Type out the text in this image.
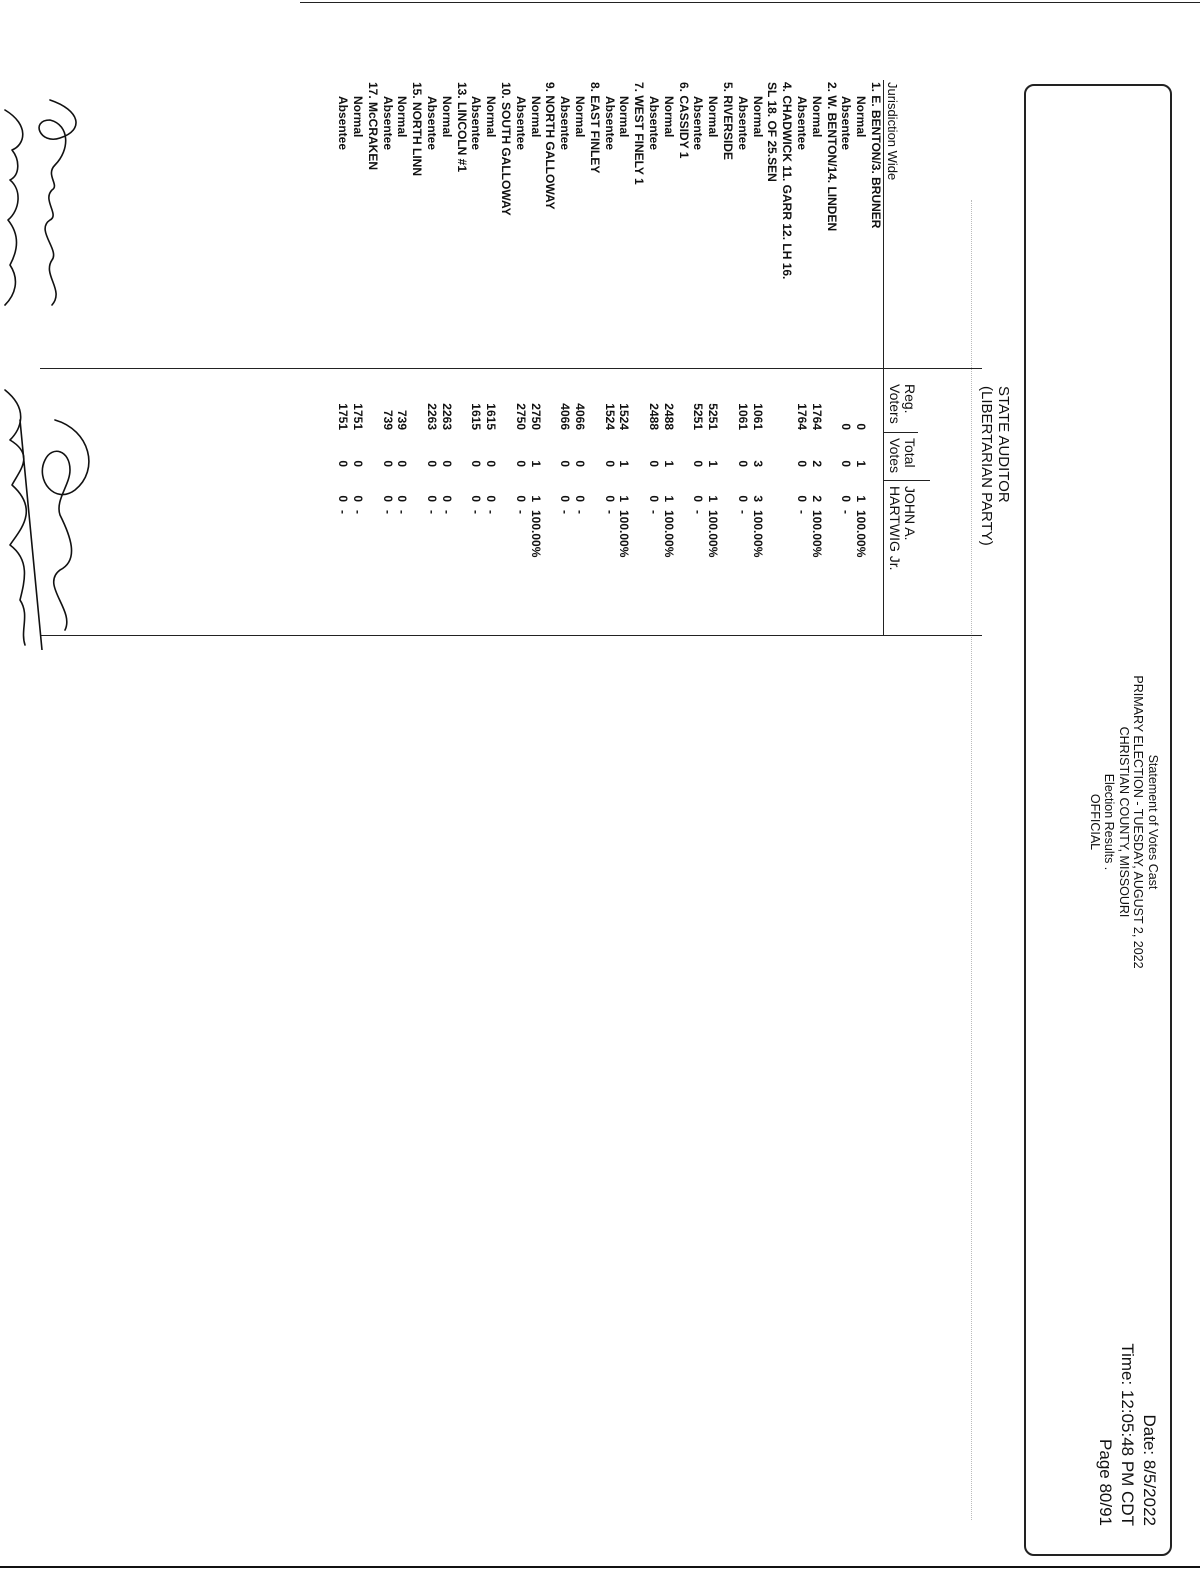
Statement of Votes Cast
PRIMARY ELECTION - TUESDAY, AUGUST 2, 2022
CHRISTIAN COUNTY, MISSOURI
Election Results .
OFFICIAL
Date: 8/5/2022
Time: 12:05:48 PM CDT
Page 80/91
STATE AUDITOR
(LIBERTARIAN PARTY)
Reg.
Voters
Total
Votes
JOHN A.
HARTWIG Jr.
Jurisdiction Wide
1. E. BENTON/3. BRUNER
Normal
0
1
1
100.00%
Absentee
0
0
0
-
2. W. BENTON/14. LINDEN
Normal
1764
2
2
100.00%
Absentee
1764
0
0
-
4. CHADWICK 11. GARR 12. LH 16.
SL 18. OF 25.SEN
Normal
1061
3
3
100.00%
Absentee
1061
0
0
-
5. RIVERSIDE
Normal
5251
1
1
100.00%
Absentee
5251
0
0
-
6. CASSIDY 1
Normal
2488
1
1
100.00%
Absentee
2488
0
0
-
7. WEST FINELY 1
Normal
1524
1
1
100.00%
Absentee
1524
0
0
-
8. EAST FINLEY
Normal
4066
0
0
-
Absentee
4066
0
0
-
9. NORTH GALLOWAY
Normal
2750
1
1
100.00%
Absentee
2750
0
0
-
10. SOUTH GALLOWAY
Normal
1615
0
0
-
Absentee
1615
0
0
-
13. LINCOLN #1
Normal
2263
0
0
-
Absentee
2263
0
0
-
15. NORTH LINN
Normal
739
0
0
-
Absentee
739
0
0
-
17. McCRAKEN
Normal
1751
0
0
-
Absentee
1751
0
0
-
